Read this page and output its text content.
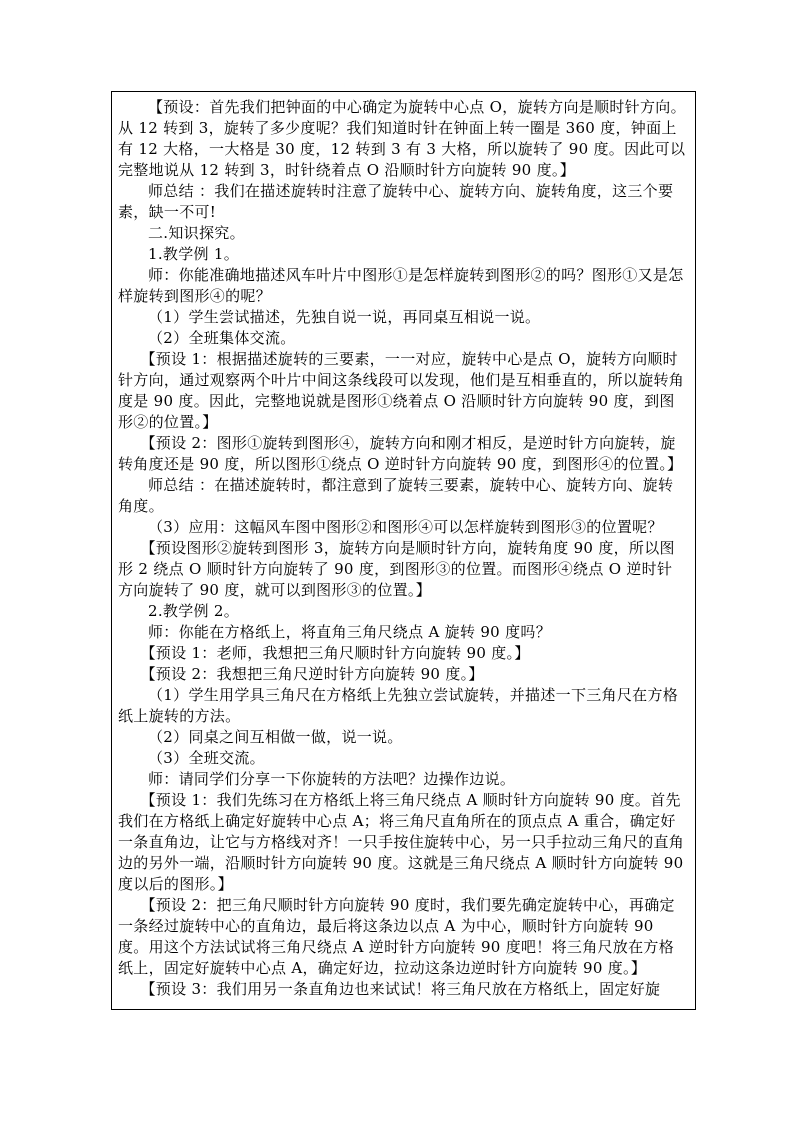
【预设：首先我们把钟面的中心确定为旋转中心点 O，旋转方向是顺时针方向。从 12 转到 3，旋转了多少度呢？我们知道时针在钟面上转一圈是 360 度，钟面上有 12 大格，一大格是 30 度，12 转到 3 有 3 大格，所以旋转了 90 度。因此可以完整地说从 12 转到 3，时针绕着点 O 沿顺时针方向旋转 90 度。】

师总结 ：我们在描述旋转时注意了旋转中心、旋转方向、旋转角度，这三个要素，缺一不可!

二.知识探究。

1.教学例 1。

师：你能准确地描述风车叶片中图形①是怎样旋转到图形②的吗？图形①又是怎样旋转到图形④的呢？

（1）学生尝试描述，先独自说一说，再同桌互相说一说。

（2）全班集体交流。

【预设 1：根据描述旋转的三要素，一一对应，旋转中心是点 O，旋转方向顺时针方向，通过观察两个叶片中间这条线段可以发现，他们是互相垂直的，所以旋转角度是 90 度。因此，完整地说就是图形①绕着点 O 沿顺时针方向旋转 90 度，到图形②的位置。】

【预设 2：图形①旋转到图形④，旋转方向和刚才相反，是逆时针方向旋转，旋转角度还是 90 度，所以图形①绕点 O 逆时针方向旋转 90 度，到图形④的位置。】

师总结 ：在描述旋转时，都注意到了旋转三要素，旋转中心、旋转方向、旋转角度。

（3）应用：这幅风车图中图形②和图形④可以怎样旋转到图形③的位置呢？

【预设图形②旋转到图形 3，旋转方向是顺时针方向，旋转角度 90 度，所以图形 2 绕点 O 顺时针方向旋转了 90 度，到图形③的位置。而图形④绕点 O 逆时针方向旋转了 90 度，就可以到图形③的位置。】

2.教学例 2。

师：你能在方格纸上，将直角三角尺绕点 A 旋转 90 度吗？

【预设 1：老师，我想把三角尺顺时针方向旋转 90 度。】

【预设 2：我想把三角尺逆时针方向旋转 90 度。】

（1）学生用学具三角尺在方格纸上先独立尝试旋转，并描述一下三角尺在方格纸上旋转的方法。

（2）同桌之间互相做一做，说一说。

（3）全班交流。

师：请同学们分享一下你旋转的方法吧？边操作边说。

【预设 1：我们先练习在方格纸上将三角尺绕点 A 顺时针方向旋转 90 度。首先我们在方格纸上确定好旋转中心点 A；将三角尺直角所在的顶点点 A 重合，确定好一条直角边，让它与方格线对齐！一只手按住旋转中心，另一只手拉动三角尺的直角边的另外一端，沿顺时针方向旋转 90 度。这就是三角尺绕点 A 顺时针方向旋转 90 度以后的图形。】

【预设 2：把三角尺顺时针方向旋转 90 度时，我们要先确定旋转中心，再确定一条经过旋转中心的直角边，最后将这条边以点 A 为中心，顺时针方向旋转 90 度。用这个方法试试将三角尺绕点 A 逆时针方向旋转 90 度吧！将三角尺放在方格纸上，固定好旋转中心点 A，确定好边，拉动这条边逆时针方向旋转 90 度。】

【预设 3：我们用另一条直角边也来试试！将三角尺放在方格纸上，固定好旋
